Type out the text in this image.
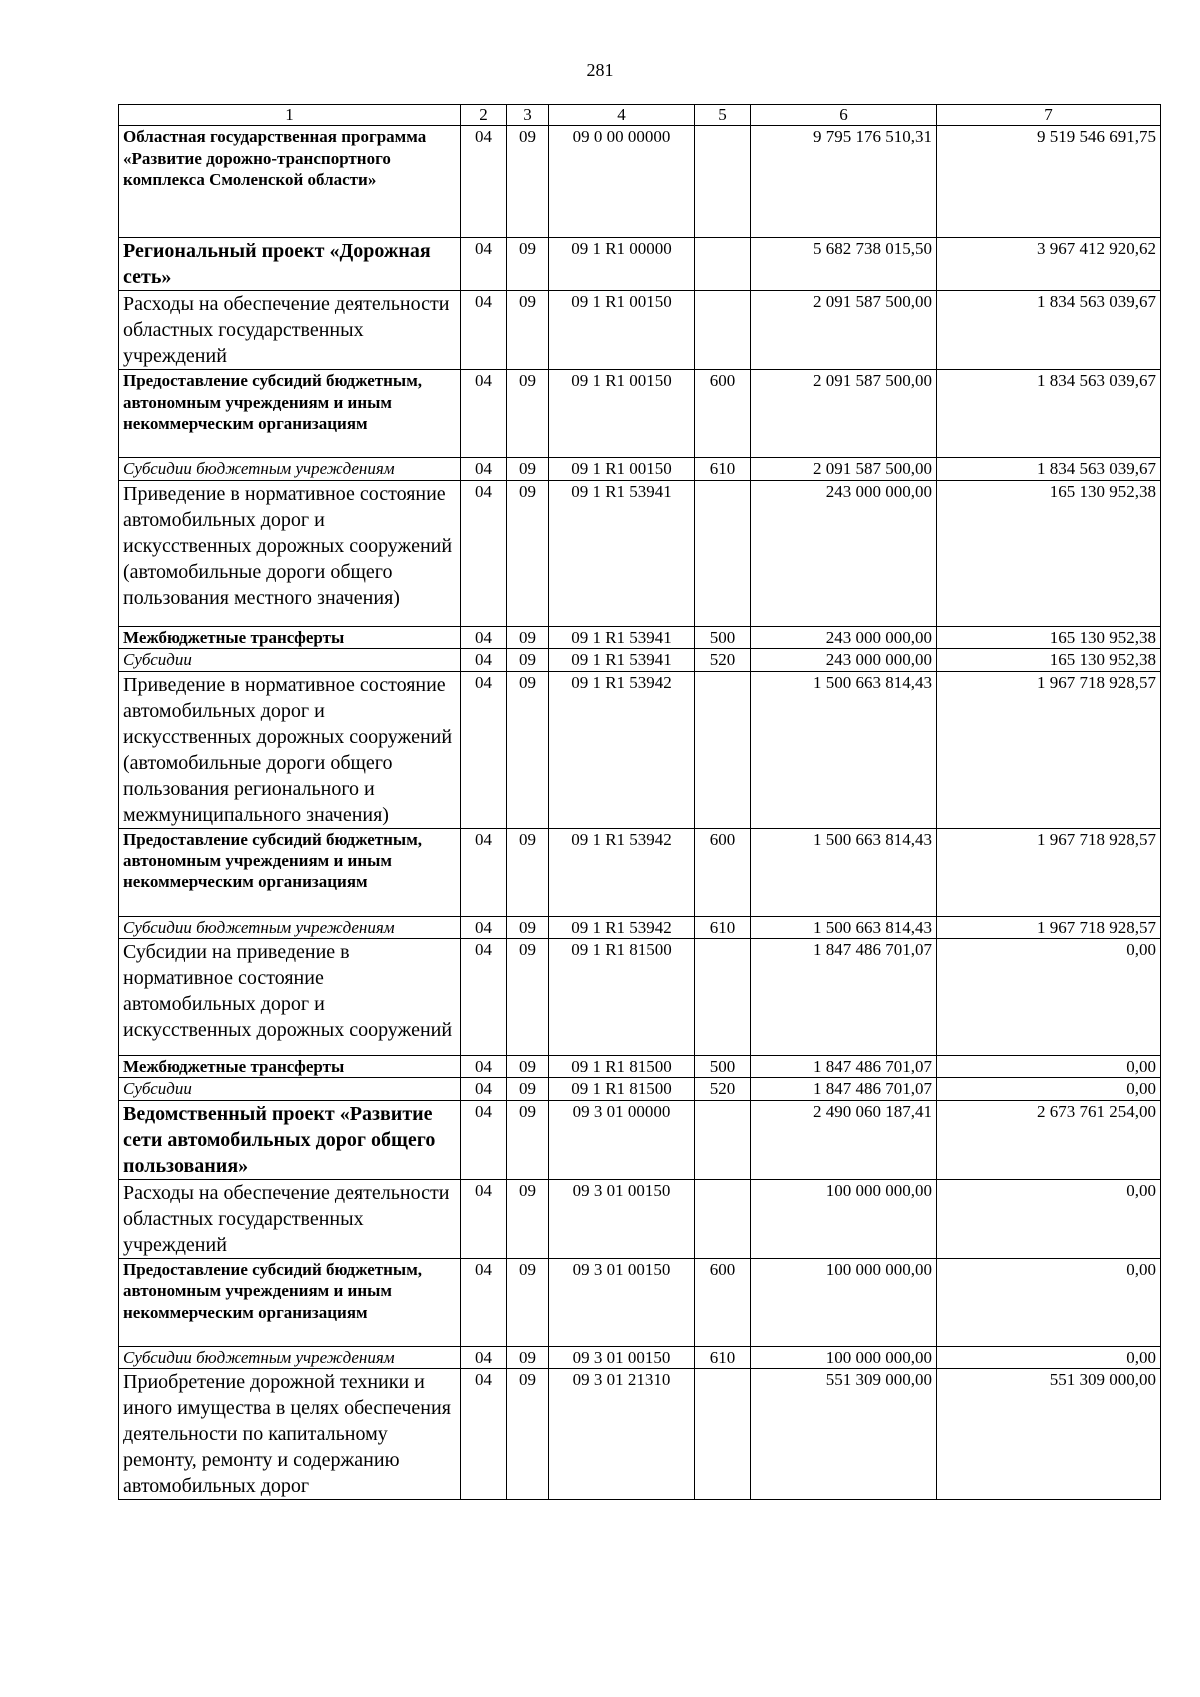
281
1	2	3	4	5	6	7
Областная государственная программа «Развитие дорожно-транспортного комплекса Смоленской области»	04	09	09 0 00 00000		9 795 176 510,31	9 519 546 691,75
Региональный проект «Дорожная сеть»	04	09	09 1 R1 00000		5 682 738 015,50	3 967 412 920,62
Расходы на обеспечение деятельности областных государственных учреждений	04	09	09 1 R1 00150		2 091 587 500,00	1 834 563 039,67
Предоставление субсидий бюджетным, автономным учреждениям и иным некоммерческим организациям	04	09	09 1 R1 00150	600	2 091 587 500,00	1 834 563 039,67
Субсидии бюджетным учреждениям	04	09	09 1 R1 00150	610	2 091 587 500,00	1 834 563 039,67
Приведение в нормативное состояние автомобильных дорог и искусственных дорожных сооружений (автомобильные дороги общего пользования местного значения)	04	09	09 1 R1 53941		243 000 000,00	165 130 952,38
Межбюджетные трансферты	04	09	09 1 R1 53941	500	243 000 000,00	165 130 952,38
Субсидии	04	09	09 1 R1 53941	520	243 000 000,00	165 130 952,38
Приведение в нормативное состояние автомобильных дорог и искусственных дорожных сооружений (автомобильные дороги общего пользования регионального и межмуниципального значения)	04	09	09 1 R1 53942		1 500 663 814,43	1 967 718 928,57
Предоставление субсидий бюджетным, автономным учреждениям и иным некоммерческим организациям	04	09	09 1 R1 53942	600	1 500 663 814,43	1 967 718 928,57
Субсидии бюджетным учреждениям	04	09	09 1 R1 53942	610	1 500 663 814,43	1 967 718 928,57
Субсидии на приведение в нормативное состояние автомобильных дорог и искусственных дорожных сооружений	04	09	09 1 R1 81500		1 847 486 701,07	0,00
Межбюджетные трансферты	04	09	09 1 R1 81500	500	1 847 486 701,07	0,00
Субсидии	04	09	09 1 R1 81500	520	1 847 486 701,07	0,00
Ведомственный проект «Развитие сети автомобильных дорог общего пользования»	04	09	09 3 01 00000		2 490 060 187,41	2 673 761 254,00
Расходы на обеспечение деятельности областных государственных учреждений	04	09	09 3 01 00150		100 000 000,00	0,00
Предоставление субсидий бюджетным, автономным учреждениям и иным некоммерческим организациям	04	09	09 3 01 00150	600	100 000 000,00	0,00
Субсидии бюджетным учреждениям	04	09	09 3 01 00150	610	100 000 000,00	0,00
Приобретение дорожной техники и иного имущества в целях обеспечения деятельности по капитальному ремонту, ремонту и содержанию автомобильных дорог	04	09	09 3 01 21310		551 309 000,00	551 309 000,00
